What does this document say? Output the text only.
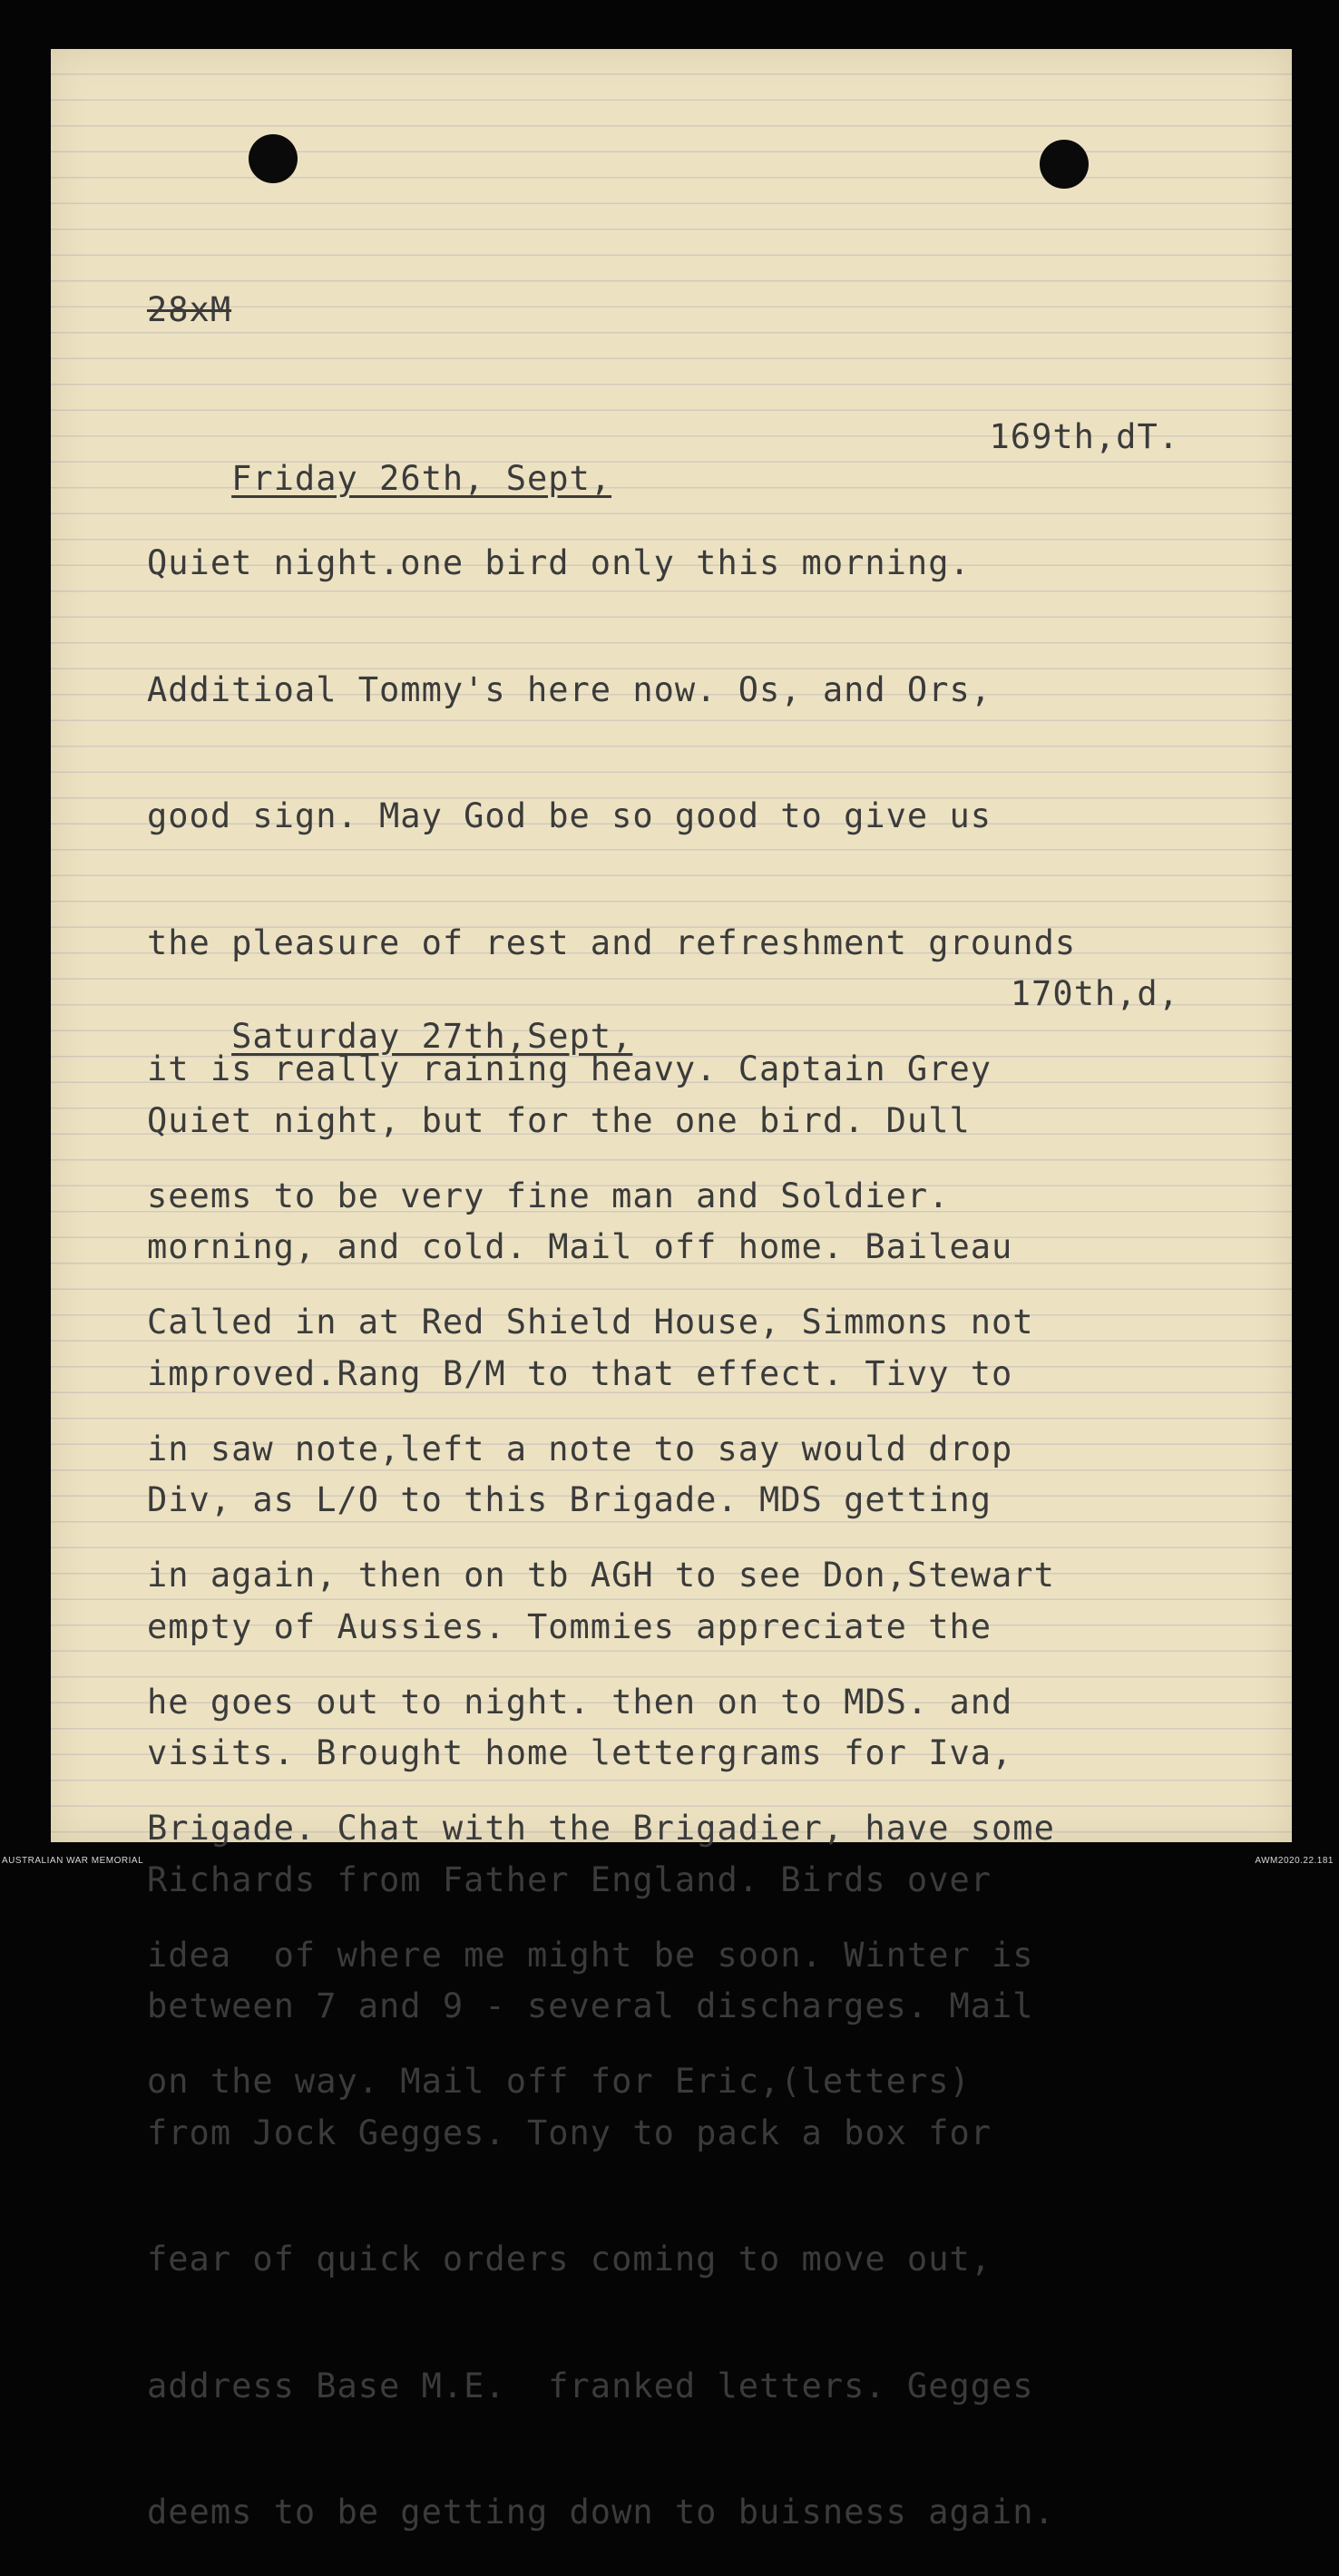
28xM

Friday 26th, Sept,

169th,dT.

Quiet night.one bird only this morning.

Additioal Tommy's here now. Os, and Ors,

good sign. May God be so good to give us

the pleasure of rest and refreshment grounds

it is really raining heavy. Captain Grey

seems to be very fine man and Soldier.

Called in at Red Shield House, Simmons not

in saw note,left a note to say would drop

in again, then on tb AGH to see Don,Stewart

he goes out to night. then on to MDS. and

Brigade. Chat with the Brigadier, have some

idea  of where me might be soon. Winter is

on the way. Mail off for Eric,(letters)

Saturday 27th,Sept,

170th,d,

Quiet night, but for the one bird. Dull

morning, and cold. Mail off home. Baileau

improved.Rang B/M to that effect. Tivy to

Div, as L/O to this Brigade. MDS getting

empty of Aussies. Tommies appreciate the

visits. Brought home lettergrams for Iva,

Richards from Father England. Birds over

between 7 and 9 - several discharges. Mail

from Jock Gegges. Tony to pack a box for

fear of quick orders coming to move out,

address Base M.E.  franked letters. Gegges

deems to be getting down to buisness again.

AUSTRALIAN WAR MEMORIAL	AWM2020.22.181
